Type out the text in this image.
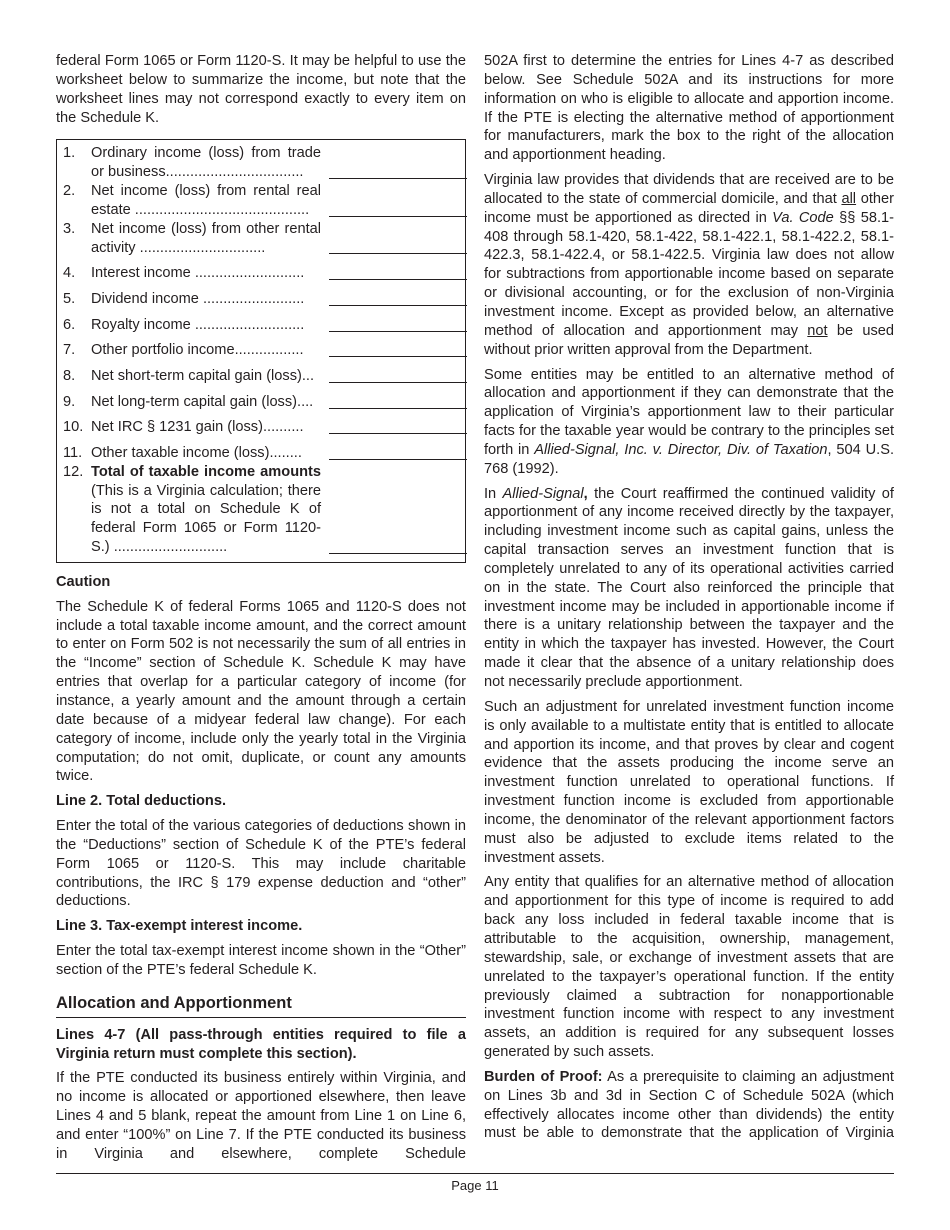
federal Form 1065 or Form 1120-S. It may be helpful to use the worksheet below to summarize the income, but note that the worksheet lines may not correspond exactly to every item on the Schedule K.

1.	Ordinary income (loss) from trade or business..................................
2.	Net income (loss) from rental real estate ...........................................
3.	Net income (loss) from other rental activity ...............................
4.	Interest income ...........................
5.	Dividend income .........................
6.	Royalty income ...........................
7.	Other portfolio income.................
8.	Net short-term capital gain (loss)...
9.	Net long-term capital gain (loss)....
10. Net IRC § 1231 gain (loss)..........
11. Other taxable income (loss)........
12. Total of taxable income amounts (This is a Virginia calculation; there is not a total on Schedule K of federal Form 1065 or Form 1120-S.) ............................
Caution

The Schedule K of federal Forms 1065 and 1120-S does not include a total taxable income amount, and the correct amount to enter on Form 502 is not necessarily the sum of all entries in the “Income” section of Schedule K. Schedule K may have entries that overlap for a particular category of income (for instance, a yearly amount and the amount through a certain date because of a midyear federal law change). For each category of income, include only the yearly total in the Virginia computation; do not omit, duplicate, or count any amounts twice.

Line 2. Total deductions.

Enter the total of the various categories of deductions shown in the “Deductions” section of Schedule K of the PTE’s federal Form 1065 or 1120-S. This may include charitable contributions, the IRC § 179 expense deduction and “other” deductions.

Line 3. Tax-exempt interest income.

Enter the total tax-exempt interest income shown in the “Other” section of the PTE’s federal Schedule K.

Allocation and Apportionment
Lines 4-7 (All pass-through entities required to file a Virginia return must complete this section).

If the PTE conducted its business entirely within Virginia, and no income is allocated or apportioned elsewhere, then leave Lines 4 and 5 blank, repeat the amount from Line 1 on Line 6, and enter “100%” on Line 7. If the PTE conducted its business in Virginia and elsewhere, complete Schedule

502A first to determine the entries for Lines 4-7 as described below. See Schedule 502A and its instructions for more information on who is eligible to allocate and apportion income. If the PTE is electing the alternative method of apportionment for manufacturers, mark the box to the right of the allocation and apportionment heading.

Virginia law provides that dividends that are received are to be allocated to the state of commercial domicile, and that all other income must be apportioned as directed in Va. Code §§ 58.1-408 through 58.1-420, 58.1-422, 58.1-422.1, 58.1-422.2, 58.1-422.3, 58.1-422.4, or 58.1-422.5. Virginia law does not allow for subtractions from apportionable income based on separate or divisional accounting, or for the exclusion of non-Virginia investment income. Except as provided below, an alternative method of allocation and apportionment may not be used without prior written approval from the Department.

Some entities may be entitled to an alternative method of allocation and apportionment if they can demonstrate that the application of Virginia’s apportionment law to their particular facts for the taxable year would be contrary to the principles set forth in Allied-Signal, Inc. v. Director, Div. of Taxation, 504 U.S. 768 (1992).

In Allied-Signal, the Court reaffirmed the continued validity of apportionment of any income received directly by the taxpayer, including investment income such as capital gains, unless the capital transaction serves an investment function that is completely unrelated to any of its operational activities carried on in the state. The Court also reinforced the principle that investment income may be included in apportionable income if there is a unitary relationship between the taxpayer and the entity in which the taxpayer has invested. However, the Court made it clear that the absence of a unitary relationship does not necessarily preclude apportionment.

Such an adjustment for unrelated investment function income is only available to a multistate entity that is entitled to allocate and apportion its income, and that proves by clear and cogent evidence that the assets producing the income serve an investment function unrelated to operational functions. If investment function income is excluded from apportionable income, the denominator of the relevant apportionment factors must also be adjusted to exclude items related to the investment assets.

Any entity that qualifies for an alternative method of allocation and apportionment for this type of income is required to add back any loss included in federal taxable income that is attributable to the acquisition, ownership, management, stewardship, sale, or exchange of investment assets that are unrelated to the taxpayer’s operational function. If the entity previously claimed a subtraction for nonapportionable investment function income with respect to any investment assets, an addition is required for any subsequent losses generated by such assets.

Burden of Proof: As a prerequisite to claiming an adjustment on Lines 3b and 3d in Section C of Schedule 502A (which effectively allocates income other than dividends) the entity must be able to demonstrate that the application of Virginia

Page 11
